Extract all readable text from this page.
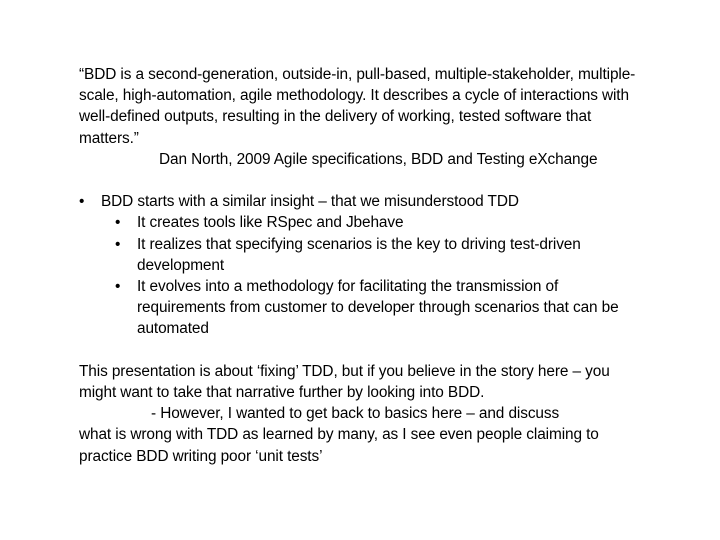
“BDD is a second-generation, outside-in, pull-based, multiple-stakeholder, multiple-scale, high-automation, agile methodology. It describes a cycle of interactions with well-defined outputs, resulting in the delivery of working, tested software that matters.”

Dan North, 2009 Agile specifications, BDD and Testing eXchange

• BDD starts with a similar insight – that we misunderstood TDD
• It creates tools like RSpec and Jbehave
• It realizes that specifying scenarios is the key to driving test-driven development
• It evolves into a methodology for facilitating the transmission of requirements from customer to developer through scenarios that can be automated

This presentation is about ‘fixing’ TDD, but if you believe in the story here – you might want to take that narrative further by looking into BDD.

- However, I wanted to get back to basics here – and discuss

what is wrong with TDD as learned by many, as I see even people claiming to practice BDD writing poor ‘unit tests’
